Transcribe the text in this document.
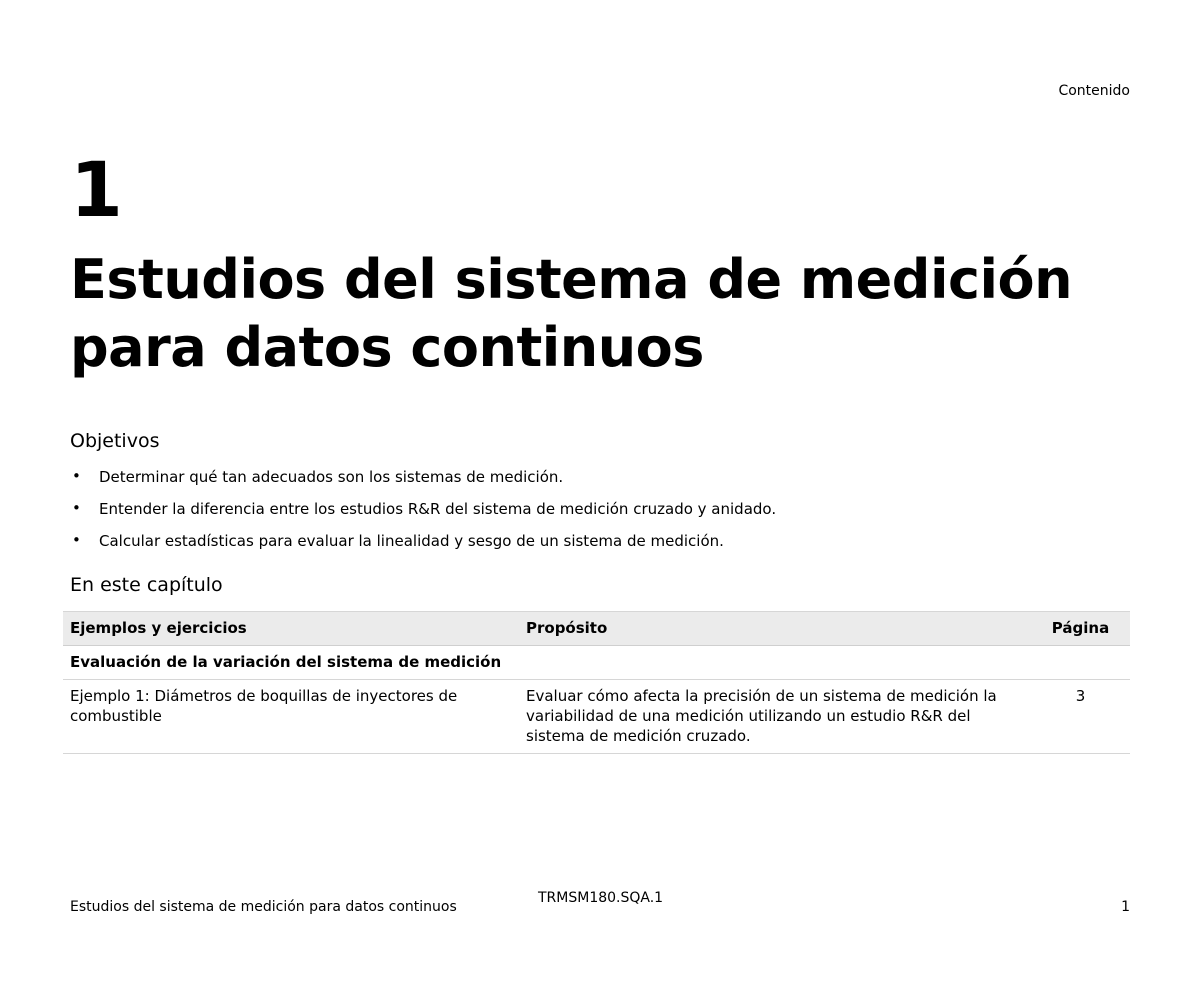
Contenido
1
Estudios del sistema de medición para datos continuos
Objetivos
• Determinar qué tan adecuados son los sistemas de medición.
• Entender la diferencia entre los estudios R&R del sistema de medición cruzado y anidado.
• Calcular estadísticas para evaluar la linealidad y sesgo de un sistema de medición.
En este capítulo
Ejemplos y ejercicios	Propósito	Página
Evaluación de la variación del sistema de medición		
Ejemplo 1: Diámetros de boquillas de inyectores de combustible	Evaluar cómo afecta la precisión de un sistema de medición la variabilidad de una medición utilizando un estudio R&R del sistema de medición cruzado.	3
Estudios del sistema de medición para datos continuos
TRMSM180.SQA.1
1
